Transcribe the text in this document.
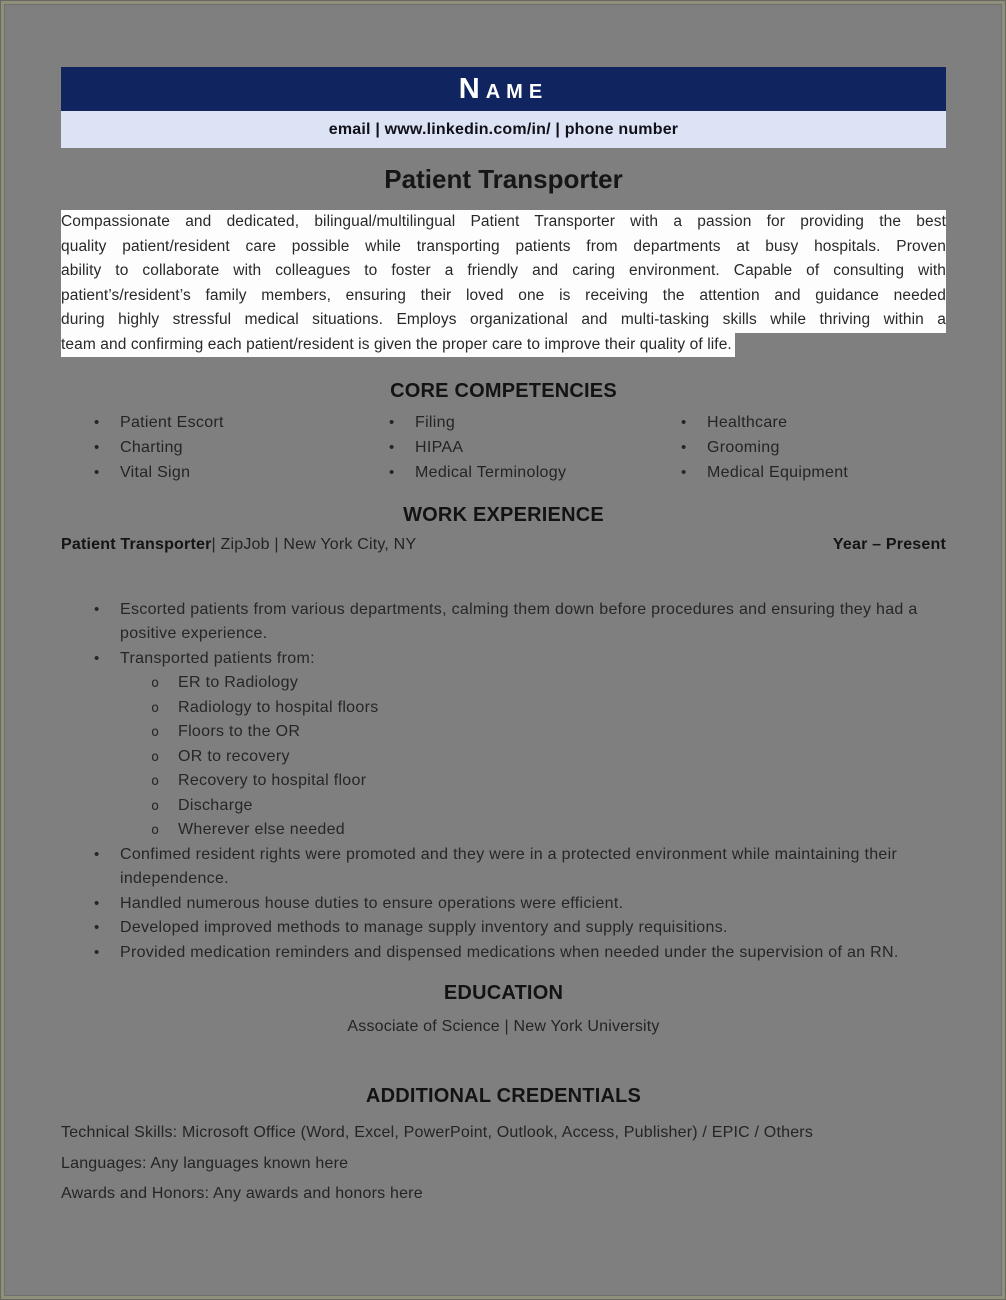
Name
email | www.linkedin.com/in/ | phone number
Patient Transporter
Compassionate and dedicated, bilingual/multilingual Patient Transporter with a passion for providing the best
quality patient/resident care possible while transporting patients from departments at busy hospitals. Proven
ability to collaborate with colleagues to foster a friendly and caring environment. Capable of consulting with
patient’s/resident’s family members, ensuring their loved one is receiving the attention and guidance needed
during highly stressful medical situations. Employs organizational and multi-tasking skills while thriving within a
team and confirming each patient/resident is given the proper care to improve their quality of life.
CORE COMPETENCIES
•	Patient Escort
•	Charting
•	Vital Sign
•	Filing
•	HIPAA
•	Medical Terminology
•	Healthcare
•	Grooming
•	Medical Equipment
WORK EXPERIENCE
Patient Transporter| ZipJob | New York City, NY	Year – Present
•	Escorted patients from various departments, calming them down before procedures and ensuring they had a positive experience.
•	Transported patients from:
o	ER to Radiology
o	Radiology to hospital floors
o	Floors to the OR
o	OR to recovery
o	Recovery to hospital floor
o	Discharge
o	Wherever else needed
•	Confimed resident rights were promoted and they were in a protected environment while maintaining their independence.
•	Handled numerous house duties to ensure operations were efficient.
•	Developed improved methods to manage supply inventory and supply requisitions.
•	Provided medication reminders and dispensed medications when needed under the supervision of an RN.
EDUCATION
Associate of Science | New York University
ADDITIONAL CREDENTIALS
Technical Skills: Microsoft Office (Word, Excel, PowerPoint, Outlook, Access, Publisher) / EPIC / Others
Languages: Any languages known here
Awards and Honors: Any awards and honors here
